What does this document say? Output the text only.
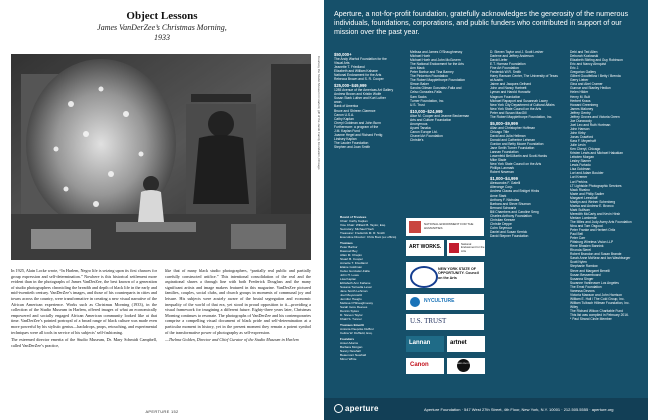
Object Lessons
James VanDerZee’s Christmas Morning,
1933
Courtesy the Studio Museum in Harlem; gift of the Jacob Family Foundation, Chicago

In 1925, Alain Locke wrote, “In Harlem, Negro life is seizing upon its first chances for group expression and self-determination.” Nowhere is this historical settlement more evident than in the photographs of James VanDerZee, the best known of a generation of studio photographers chronicling the breadth and depth of black life in the early and mid-twentieth century. VanDerZee’s images, and those of his counterparts in cities and towns across the country, were transformative in creating a new visual narrative of the African American experience. Works such as Christmas Morning (1933), in the collection of the Studio Museum in Harlem, offered images of what an economically empowered and socially engaged African American community looked like at that time. VanDerZee’s pointed portrayal of a broad range of black culture was made even more powerful by his stylistic genius—backdrops, props, retouching, and experimental techniques were all tools in service of his subjects’ self-fashioning.

The esteemed director emerita of the Studio Museum, Dr. Mary Schmidt Campbell, called VanDerZee’s practice,

like that of many black studio photographers, “partially real public and partially carefully constructed artifice.” This intentional consolidation of the real and the aspirational shares a through line with both Frederick Douglass and the many significant artists and image makers featured in this magazine. VanDerZee pictured families, couples, social clubs, and church groups in moments of communal joy and leisure. His subjects were acutely aware of the brutal segregation and economic inequality of the world of that era, yet stood in proud opposition to it—providing a visual framework for imagining a different future. Eighty-three years later, Christmas Morning continues to resonate. The photographs of VanDerZee and his contemporaries comprise a compelling visual document of black pride and self-determination at a particular moment in history, yet in the present moment they remain a potent symbol of the transformative power of photography as self-expression.

—Thelma Golden, Director and Chief Curator of the Studio Museum in Harlem

APERTURE 152
Aperture, a not-for-profit foundation, gratefully acknowledges the generosity of the numerous individuals, foundations, corporations, and public funders who contributed in support of our mission over the past year.
$50,000+
The Andy Warhol Foundation for the
Visual Arts
Jeanette T. Friedland
Elizabeth and William Kahane
National Endowment for the Arts
Rebecca Brown and S. R. Cooper
$25,000–$49,999
1285 Avenue of the Americas Art Gallery
Andrew Brown and Kristin Wolfe
Susan Stark Luther and Kurt Luther
anon.
Bank of America
Bruce and Shireen Clarence
Canon U.S.A.
Cathy Kaplan
Cheryl Goldman and John Bunn
Furthermore: a program of the
J.M. Kaplan Fund
Joanne Hegel and Richard Fertig
Lindsey Kaplan
The Lauder Foundation
Stephen and Joan Smith
Melissa and James O'Shaughnessy
Michael Hoeh
Michael Hoeh and John McGovern
The National Endowment for the Arts
Ann Mack
Peter Barbur and Tina Barney
The Pinkerton Foundation
The Robert Mapplethorpe Foundation
Simon Baker
Sandra Gilman Gonzalez-Falla and
Celso Gonzalez-Falla
Sam Sacks
Turner Foundation, Inc.
U.S. Trust
$10,000–$24,999
Alice M. Cooper and Jeanne Beckerman
Arts and Culture Foundation
Anonymous
Ayumi Tanaka
Canon Europe Ltd.
Chanel Art Foundation
Christie's
D. Steven Taylor and J. Scott Lesher
Darlene and Jeffrey Anderson
David Liefer
E.T. Harmax Foundation
Fine Art Foundation
Frederick W.R. Smith
Harry Ransom Center, The University of Texas
at Austin
Jaime and Jacques Gelhard
John and Nancy Hartnett
Lyman and Harold Horowitz
Magnum Foundation
Michael Rapaport and Susannah Lacey
New York City Department of Cultural Affairs
New York State Council on the Arts
Peter and Susan MacGill
The Robert Mapplethorpe Foundation, Inc.
$5,000–$9,999
Allan and Christopher Hoffman
Chicago Title
David and Julia Hellman
Donald and Catherine Lehman
Gordon and Betty Moore Foundation
Jane Smith Turner Foundation
Lannan Foundation
Lowenfeld Bell-Martin and Scott-Hanks
Mike Slade
New York State Council on the Arts
Phillips Lanmark
Robert Newman
$1,000–$4,999
Alessandra F. Gatelli
Alteronge Corp.
Andrew Clauss and Bridget Hinks
Anne Stark
Anthony F. Nicholas
Barbara and Steve Shuman
Bernard Schwartz
Bill Chambers and Caroline Seng
Charles Anthony Foundation
Christian Keesee
Christie Deppe
Cohn Seymour
Daniel and Susan Kerrick
David Stepner Foundation
Debi and Ted Allen
Deborah Kozlowski
Elizabeth Stirling and Guy Robinson
Eric and Nancy Ahnquist
Eric J.
Gregorian Gallery
Gilbert Goodfellow / Betty / Brenda
Gerry Lieber
Gina and Abel Cramer
Gunnar and Stanley Hedlun
Helen Hilder
Henry M. Bult
Herbert Kraus
Howard Greenberg
James Maloney
Jeffrey Gentry
Jeffrey Groves and Victoria Green
Joe Dunwoody
Joel Leo and Ruth Hortman
John Hanson
John Kirby
Jonas Crawford
Kara F. Meyerhoff
Julie Levin
Ken Cheryl, Chicago
Kristen Lewis and Michael Hakakian
Leboten Morgan
Lesley Stamer
Lewis Furtado
Lisa Goldman
Lori and Adam Boulder
Lori Kremer
Lori Perkins
LT Lightside Photographic Services
Mack Rivalno
Marie and Philip Sadler
Margaret Leeshloff
Marilyn and Weiner Schenberg
Marisa and Andrew E. Bronco
Mark Sullivan
Meredith McCarty and Kevin Hirsh
Meriam Lomberde
The Miles and Judy Avery Arts Foundation
Nina and Tom Osgood
Peter Franke and Herbert Ortiz
Paul Bell
Peter Carr
Pittsburg Wireless Vision LLP
Rene Bhasien Bannink
Rhonda Sierel
Robert Brandon and Susan Brande
Sarah Anne McNear and Ian Washburger
Scott Nylen
Stephanie Ramlow
Steve and Margaret Benelli
Susan Bessemboard
Susanna Singer
Suzanne Vanlieuwer Los Angeles
The Ernst Foundation
Vanessa Devons
Victoria Mawson and John Harrison
William E. Hull / The Cold Group, Inc.
William Tulbach Hillman Foundation, Inc.
Wiley
The Richard Wilcox Charitable Fund
This list was compiled in February 2016.
* Paul Strand Circle Member
Board of Trustees
Chair: Cathy Kaplan
Vice Chair: Willard B. Taylor, Esq.
Secretary: Michael Hoeh
Treasurer: Frederick M. R. Smith
Executive Director: Chris Boot (ex officio)
Trustees
Peter Barbur
Dawoud Bey
Allan M. Chapin
Stuart B. Cooper
Annette T. Friedland
Elaine Goldman
Celso Gonzalez-Falla
John H. Lowe
Lisa Kaplan
Elizabeth Ann Kahane
Susana Torruella Leval
Jane Smith Lehman
Joel Meyerowitz
Jennifer Hauglo
Melissa O'Shaughnessy
Sarah Gore Reeves
Dennis Sykes
D. Steven Taylor
Khalil S. Tunner
Trustees Emeriti
Antonia Paepcke DuBrul
Celina W. Duffield, Esq.
Founders
Ansel Adams
Barbara Morgan
Nancy Newhall
Beaumont Newhall
Minor White
NATIONAL ENDOWMENT FOR THE HUMANITIES
ART WORKS.	National Endowment for the Arts
NEW YORK STATE OF OPPORTUNITY. Council on the Arts
NYCULTURE
U.S. TRUST
Lannan	artnet
Canon	PARIS PHOTO
aperture	Aperture Foundation · 547 West 27th Street, 4th Floor, New York, N.Y. 10001 · 212.505.5555 · aperture.org
